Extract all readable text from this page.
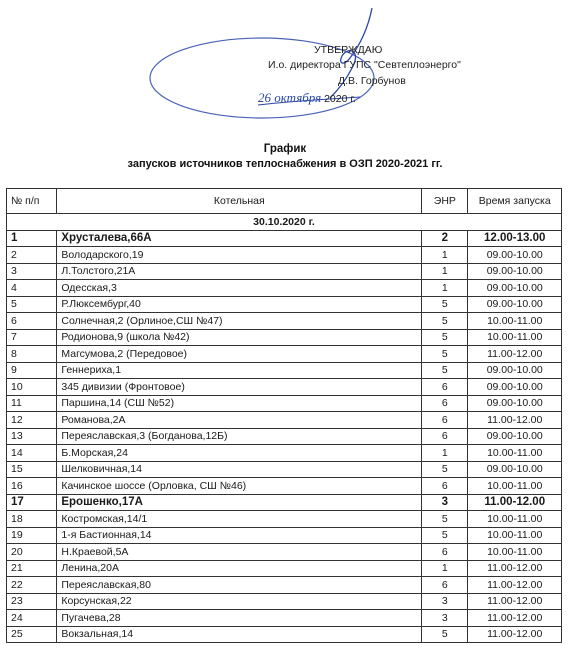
УТВЕРЖДАЮ
И.о. директора ГУПС "Севтеплоэнерго"
Д.В. Горбунов
26 октября 2020 г.
График
запусков источников теплоснабжения в ОЗП 2020-2021 гг.
№ п/п	Котельная	ЭНР	Время запуска
30.10.2020 г.			
1	Хрусталева,66А	2	12.00-13.00
2	Володарского,19	1	09.00-10.00
3	Л.Толстого,21А	1	09.00-10.00
4	Одесская,3	1	09.00-10.00
5	Р.Люксембург,40	5	09.00-10.00
6	Солнечная,2 (Орлиное,СШ №47)	5	10.00-11.00
7	Родионова,9 (школа №42)	5	10.00-11.00
8	Магсумова,2 (Передовое)	5	11.00-12.00
9	Геннериха,1	5	09.00-10.00
10	345 дивизии (Фронтовое)	6	09.00-10.00
11	Паршина,14 (СШ №52)	6	09.00-10.00
12	Романова,2А	6	11.00-12.00
13	Переяславская,3 (Богданова,12Б)	6	09.00-10.00
14	Б.Морская,24	1	10.00-11.00
15	Шелковичная,14	5	09.00-10.00
16	Качинское шоссе (Орловка, СШ №46)	6	10.00-11.00
17	Ерошенко,17А	3	11.00-12.00
18	Костромская,14/1	5	10.00-11.00
19	1-я Бастионная,14	5	10.00-11.00
20	Н.Краевой,5А	6	10.00-11.00
21	Ленина,20А	1	11.00-12.00
22	Переяславская,80	6	11.00-12.00
23	Корсунская,22	3	11.00-12.00
24	Пугачева,28	3	11.00-12.00
25	Вокзальная,14	5	11.00-12.00
